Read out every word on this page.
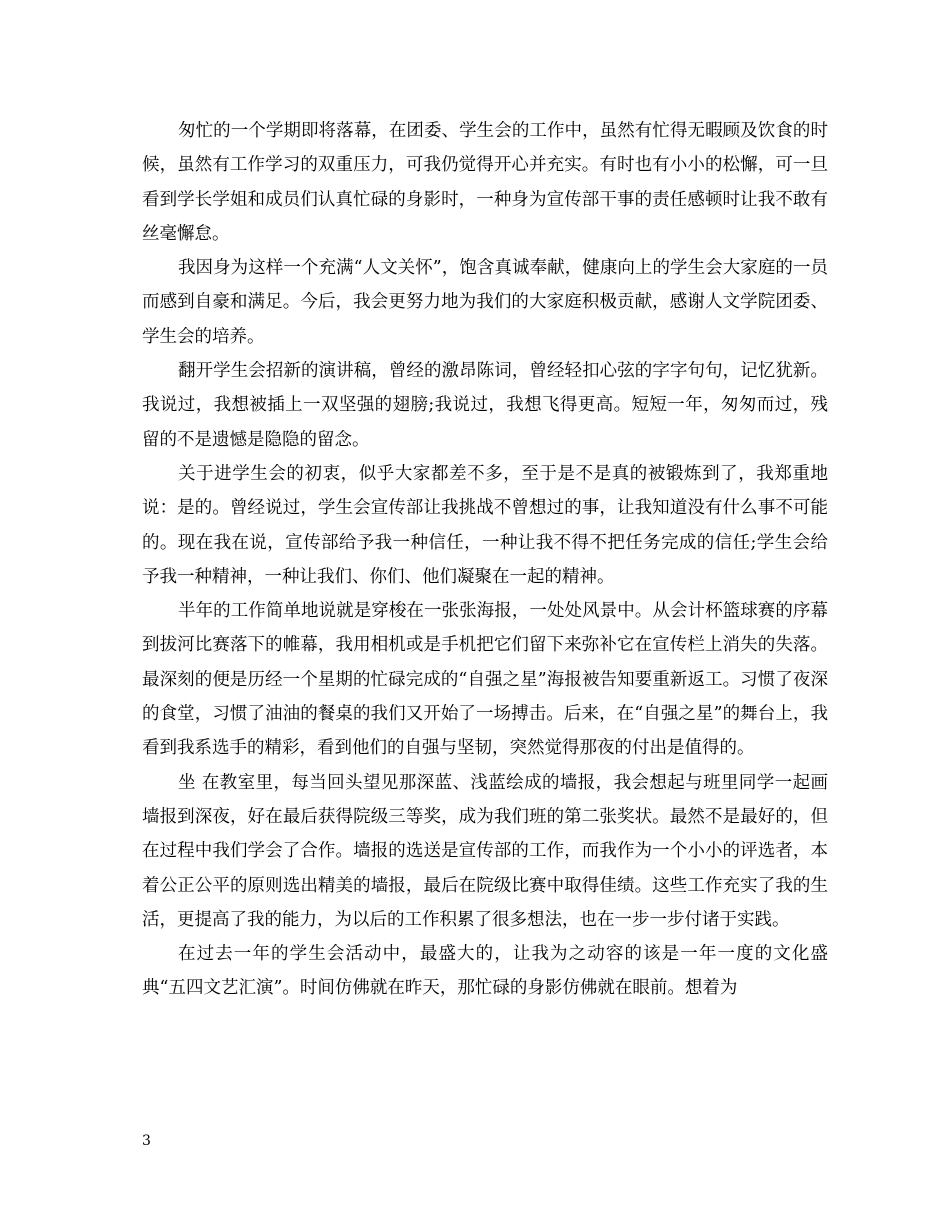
匆忙的一个学期即将落幕，在团委、学生会的工作中，虽然有忙得无暇顾及饮食的时候，虽然有工作学习的双重压力，可我仍觉得开心并充实。有时也有小小的松懈，可一旦看到学长学姐和成员们认真忙碌的身影时，一种身为宣传部干事的责任感顿时让我不敢有丝毫懈怠。

我因身为这样一个充满“人文关怀”，饱含真诚奉献，健康向上的学生会大家庭的一员而感到自豪和满足。今后，我会更努力地为我们的大家庭积极贡献，感谢人文学院团委、学生会的培养。

翻开学生会招新的演讲稿，曾经的激昂陈词，曾经轻扣心弦的字字句句，记忆犹新。我说过，我想被插上一双坚强的翅膀;我说过，我想飞得更高。短短一年，匆匆而过，残留的不是遗憾是隐隐的留念。

关于进学生会的初衷，似乎大家都差不多，至于是不是真的被锻炼到了，我郑重地说：是的。曾经说过，学生会宣传部让我挑战不曾想过的事，让我知道没有什么事不可能的。现在我在说，宣传部给予我一种信任，一种让我不得不把任务完成的信任;学生会给予我一种精神，一种让我们、你们、他们凝聚在一起的精神。

半年的工作简单地说就是穿梭在一张张海报，一处处风景中。从会计杯篮球赛的序幕到拔河比赛落下的帷幕，我用相机或是手机把它们留下来弥补它在宣传栏上消失的失落。最深刻的便是历经一个星期的忙碌完成的“自强之星”海报被告知要重新返工。习惯了夜深的食堂，习惯了油油的餐桌的我们又开始了一场搏击。后来，在“自强之星”的舞台上，我看到我系选手的精彩，看到他们的自强与坚韧，突然觉得那夜的付出是值得的。

坐 在教室里，每当回头望见那深蓝、浅蓝绘成的墙报，我会想起与班里同学一起画墙报到深夜，好在最后获得院级三等奖，成为我们班的第二张奖状。最然不是最好的，但在过程中我们学会了合作。墙报的选送是宣传部的工作，而我作为一个小小的评选者，本着公正公平的原则选出精美的墙报，最后在院级比赛中取得佳绩。这些工作充实了我的生活，更提高了我的能力，为以后的工作积累了很多想法，也在一步一步付诸于实践。

在过去一年的学生会活动中，最盛大的，让我为之动容的该是一年一度的文化盛典“五四文艺汇演”。时间仿佛就在昨天，那忙碌的身影仿佛就在眼前。想着为

3
